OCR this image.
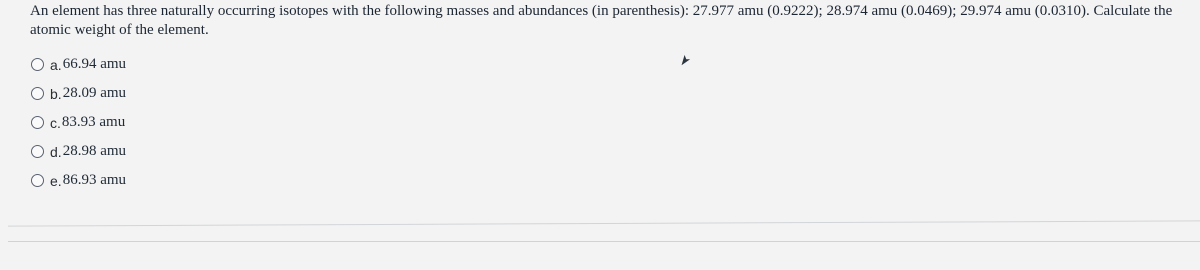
An element has three naturally occurring isotopes with the following masses and abundances (in parenthesis): 27.977 amu (0.9222); 28.974 amu (0.0469); 29.974 amu (0.0310). Calculate the atomic weight of the element.
a. 66.94 amu
b. 28.09 amu
c. 83.93 amu
d. 28.98 amu
e. 86.93 amu
